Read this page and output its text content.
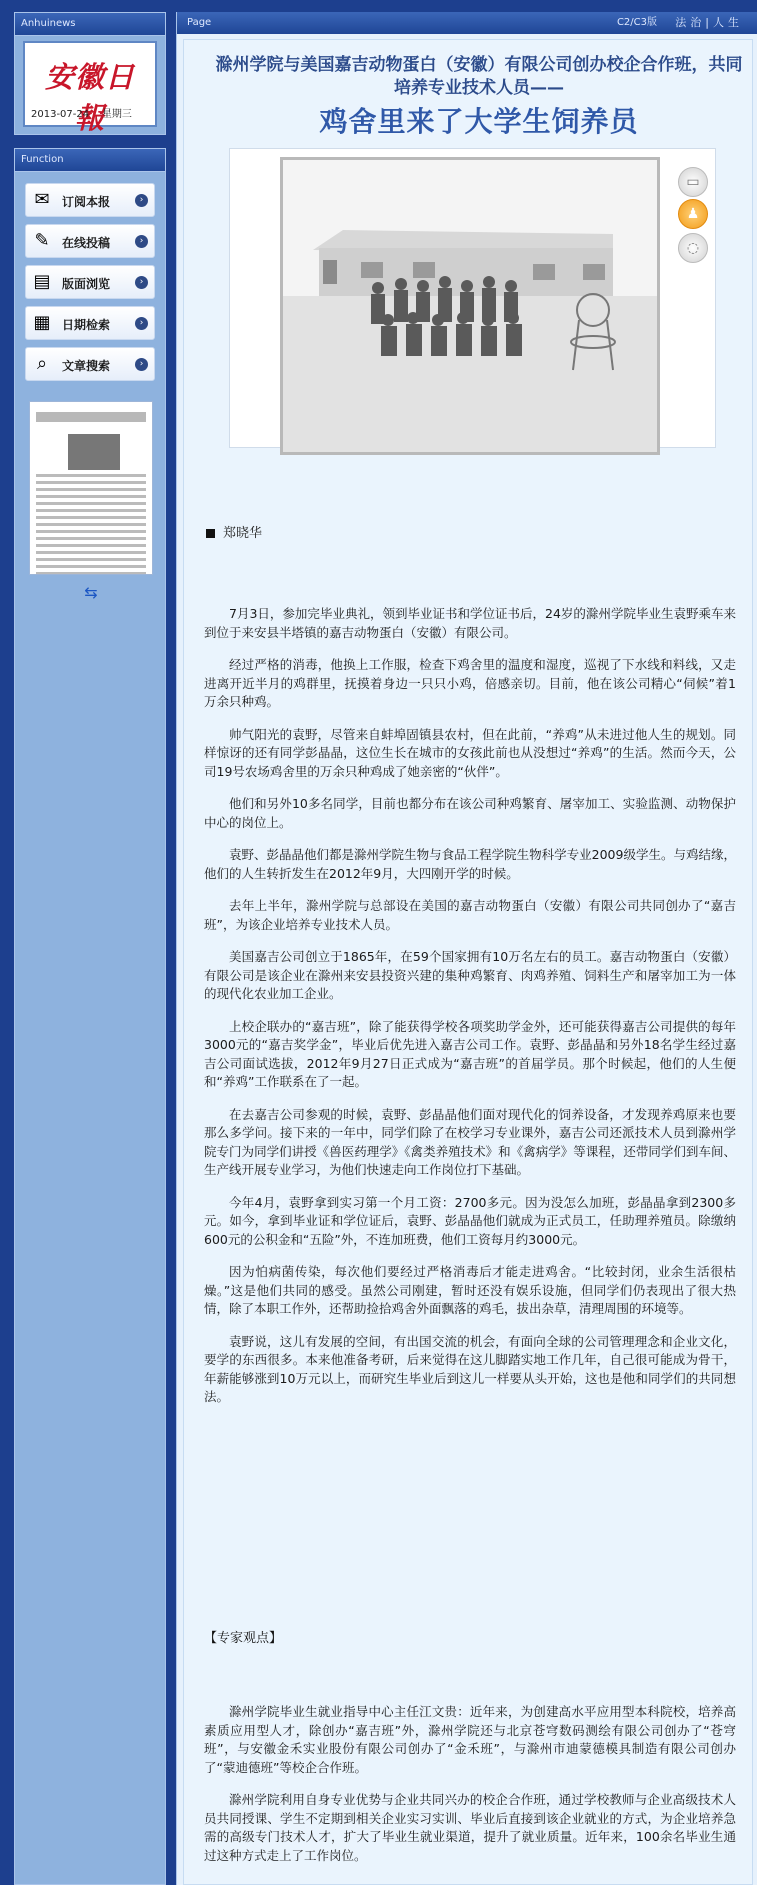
Anhuinews
安徽日報
2013-07-24 星期三
Function
✉	订阅本报	›
✎	在线投稿	›
▤ 版面浏览	›
▦ 日期检索	›
⌕	文章搜索	›
⇆
Page	C2/C3版 法治|人生
滁州学院与美国嘉吉动物蛋白（安徽）有限公司创办校企合作班，共同培养专业技术人员——
鸡舍里来了大学生饲养员
▭
♟
◌
郑晓华

7月3日，参加完毕业典礼，领到毕业证书和学位证书后，24岁的滁州学院毕业生袁野乘车来到位于来安县半塔镇的嘉吉动物蛋白（安徽）有限公司。

经过严格的消毒，他换上工作服，检查下鸡舍里的温度和湿度，巡视了下水线和料线，又走进离开近半月的鸡群里，抚摸着身边一只只小鸡，倍感亲切。目前，他在该公司精心“伺候”着1万余只种鸡。

帅气阳光的袁野，尽管来自蚌埠固镇县农村，但在此前，“养鸡”从未进过他人生的规划。同样惊讶的还有同学彭晶晶，这位生长在城市的女孩此前也从没想过“养鸡”的生活。然而今天，公司19号农场鸡舍里的万余只种鸡成了她亲密的“伙伴”。

他们和另外10多名同学，目前也都分布在该公司种鸡繁育、屠宰加工、实验监测、动物保护中心的岗位上。

袁野、彭晶晶他们都是滁州学院生物与食品工程学院生物科学专业2009级学生。与鸡结缘，他们的人生转折发生在2012年9月，大四刚开学的时候。

去年上半年，滁州学院与总部设在美国的嘉吉动物蛋白（安徽）有限公司共同创办了“嘉吉班”，为该企业培养专业技术人员。

美国嘉吉公司创立于1865年，在59个国家拥有10万名左右的员工。嘉吉动物蛋白（安徽）有限公司是该企业在滁州来安县投资兴建的集种鸡繁育、肉鸡养殖、饲料生产和屠宰加工为一体的现代化农业加工企业。

上校企联办的“嘉吉班”，除了能获得学校各项奖助学金外，还可能获得嘉吉公司提供的每年3000元的“嘉吉奖学金”，毕业后优先进入嘉吉公司工作。袁野、彭晶晶和另外18名学生经过嘉吉公司面试选拔，2012年9月27日正式成为“嘉吉班”的首届学员。那个时候起，他们的人生便和“养鸡”工作联系在了一起。

在去嘉吉公司参观的时候，袁野、彭晶晶他们面对现代化的饲养设备，才发现养鸡原来也要那么多学问。接下来的一年中，同学们除了在校学习专业课外，嘉吉公司还派技术人员到滁州学院专门为同学们讲授《兽医药理学》《禽类养殖技术》和《禽病学》等课程，还带同学们到车间、生产线开展专业学习，为他们快速走向工作岗位打下基础。

今年4月，袁野拿到实习第一个月工资：2700多元。因为没怎么加班，彭晶晶拿到2300多元。如今，拿到毕业证和学位证后，袁野、彭晶晶他们就成为正式员工，任助理养殖员。除缴纳600元的公积金和“五险”外，不连加班费，他们工资每月约3000元。

因为怕病菌传染，每次他们要经过严格消毒后才能走进鸡舍。“比较封闭，业余生活很枯燥。”这是他们共同的感受。虽然公司刚建，暂时还没有娱乐设施，但同学们仍表现出了很大热情，除了本职工作外，还帮助捡拾鸡舍外面飘落的鸡毛，拔出杂草，清理周围的环境等。

袁野说，这儿有发展的空间，有出国交流的机会，有面向全球的公司管理理念和企业文化，要学的东西很多。本来他准备考研，后来觉得在这儿脚踏实地工作几年，自己很可能成为骨干，年薪能够涨到10万元以上，而研究生毕业后到这儿一样要从头开始，这也是他和同学们的共同想法。

【专家观点】

滁州学院毕业生就业指导中心主任江文贵：近年来，为创建高水平应用型本科院校，培养高素质应用型人才，除创办“嘉吉班”外，滁州学院还与北京苍穹数码测绘有限公司创办了“苍穹班”，与安徽金禾实业股份有限公司创办了“金禾班”，与滁州市迪蒙德模具制造有限公司创办了“蒙迪德班”等校企合作班。

滁州学院利用自身专业优势与企业共同兴办的校企合作班，通过学校教师与企业高级技术人员共同授课、学生不定期到相关企业实习实训、毕业后直接到该企业就业的方式，为企业培养急需的高级专门技术人才，扩大了毕业生就业渠道，提升了就业质量。近年来，100余名毕业生通过这种方式走上了工作岗位。
